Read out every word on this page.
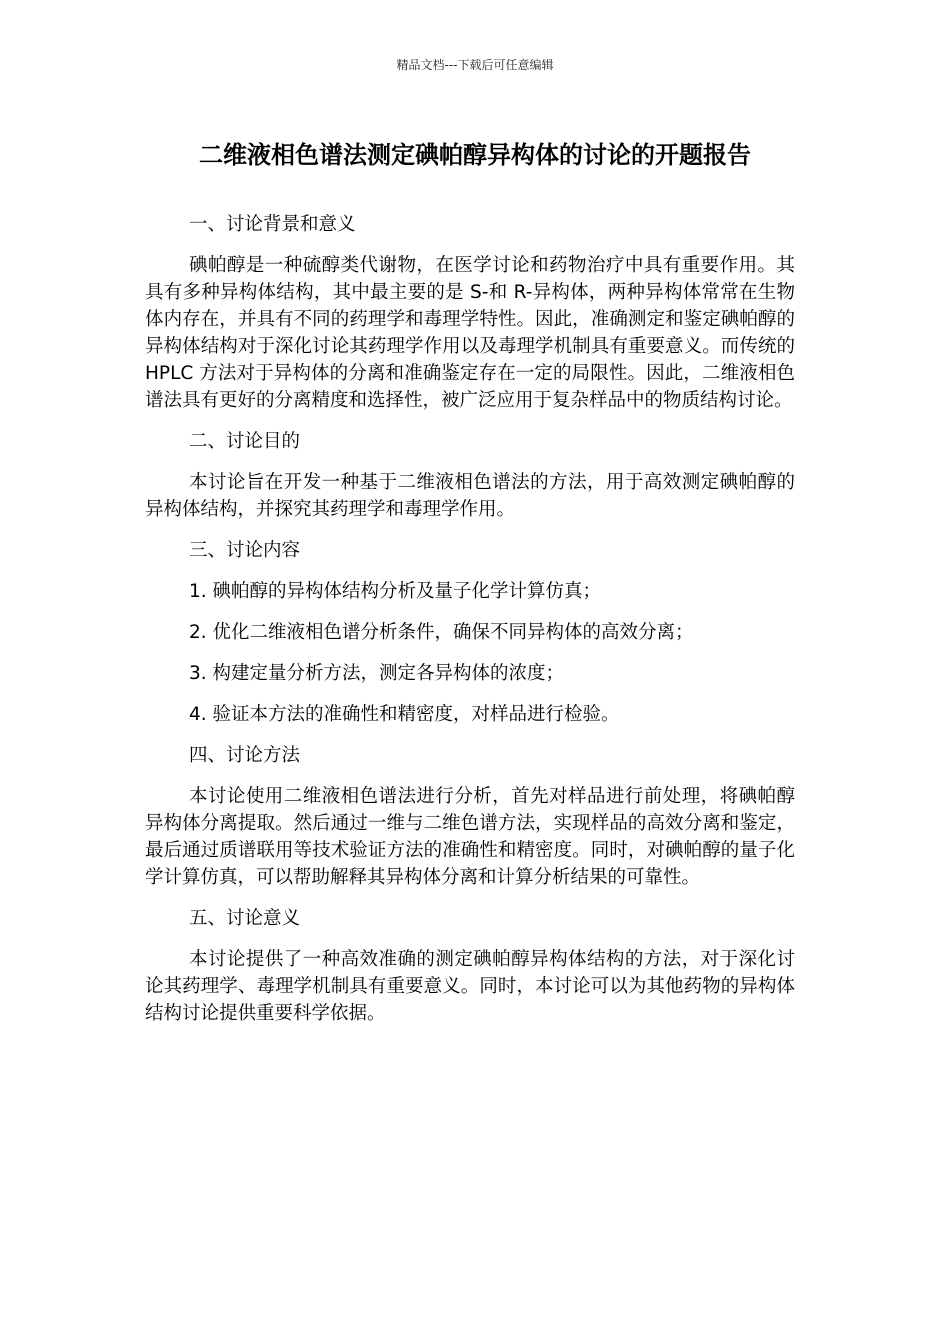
精品文档---下载后可任意编辑
二维液相色谱法测定碘帕醇异构体的讨论的开题报告

一、讨论背景和意义

碘帕醇是一种硫醇类代谢物，在医学讨论和药物治疗中具有重要作用。其具有多种异构体结构，其中最主要的是 S-和 R-异构体，两种异构体常常在生物体内存在，并具有不同的药理学和毒理学特性。因此，准确测定和鉴定碘帕醇的异构体结构对于深化讨论其药理学作用以及毒理学机制具有重要意义。而传统的 HPLC 方法对于异构体的分离和准确鉴定存在一定的局限性。因此，二维液相色谱法具有更好的分离精度和选择性，被广泛应用于复杂样品中的物质结构讨论。

二、讨论目的

本讨论旨在开发一种基于二维液相色谱法的方法，用于高效测定碘帕醇的异构体结构，并探究其药理学和毒理学作用。

三、讨论内容

1. 碘帕醇的异构体结构分析及量子化学计算仿真；

2. 优化二维液相色谱分析条件，确保不同异构体的高效分离；

3. 构建定量分析方法，测定各异构体的浓度；

4. 验证本方法的准确性和精密度，对样品进行检验。

四、讨论方法

本讨论使用二维液相色谱法进行分析，首先对样品进行前处理，将碘帕醇异构体分离提取。然后通过一维与二维色谱方法，实现样品的高效分离和鉴定，最后通过质谱联用等技术验证方法的准确性和精密度。同时，对碘帕醇的量子化学计算仿真，可以帮助解释其异构体分离和计算分析结果的可靠性。

五、讨论意义

本讨论提供了一种高效准确的测定碘帕醇异构体结构的方法，对于深化讨论其药理学、毒理学机制具有重要意义。同时，本讨论可以为其他药物的异构体结构讨论提供重要科学依据。
